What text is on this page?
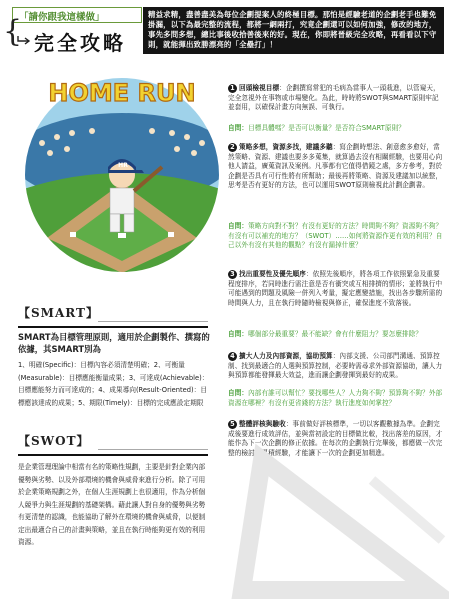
「請你跟我這樣做」
{ 完全攻略

精益求精，盡善盡美為每位企劃提案人的終極目標。那怕是經驗老道的企劃老手也難免掛漏，以下為最完整的流程，都將一網兩打，究竟企劃還可以如何加強，修改的地方，事先多問多想，總比事後收拾善後來的好。現在，你即將晉級完全攻略，再看看以下守則，就能揮出致勝漂亮的「全壘打」！

HOME RUN
HR

1 回頭檢視目標：企劃撰寫常犯的毛病為當事人一頭栽進，以管窺天，完全忽視外在事物或市場變化。為此，時時將SWOT與SMART原則牢記並套用，以確保計畫方向無誤、可執行。

自問：目標具體嗎？是否可以衡量？是否符合SMART原則？

2 策略多想，資源多找，建議多聽：寫企劃時想法、創意愈多愈好，當然策略、資源、建議也要多多蒐集，就算過去沒有相關經驗，也要用心向他人請益，廣蒐資訊及案例。凡事都有它值得借鏡之處，多方參考，對於企劃是否具有可行性將有所幫助；最後再將策略、資源及建議加以統整，思考是否有更好的方法，也可以運用SWOT原則檢視此計劃企劃書。

自問：策略方向對不對？有沒有更好的方法？時間夠不夠？資源夠不夠？有沒有可以補充的地方？（SWOT）……如何將資源作更有效的利用？自己以外有沒有其他的觀點？有沒有漏掉什麼？

3 找出重要性及優先順序：依照先後順序，將各項工作依照緊急及重要程度排序，若同時進行需注意是否有衝突或互相排擠的情形；並將執行中可能遇到的問題及風險一併列入考量，擬定應變措施，找出各步驟所需的時間與人力，且在執行時隨時檢視與修正，確保進度不致落後。

自問：哪個部分最重要？最不能缺？會有什麼阻力？要怎麼排除？

4 擴大人力及內部資源，協助預算：內部支援、公司部門溝通、預算控制、找到最適合的人選與預算控制，必要時需尋求外部資源協助，讓人力與預算都能發揮最大效益，進而讓企劃發揮到最好的成果。

自問：內部有誰可以幫忙？要找哪些人？人力夠不夠？預算夠不夠？外部資源在哪裡？有沒有更省錢的方法？執行進度如何掌控？

5 整體評核與驗收：事前做好評核標準，一切以客觀數據為準。企劃完成後要進行成效評估，並與當初設定的目標做比較，找出落差的原因，才能作為下一次企劃的修正依據。在每次的企劃執行完畢後，都應做一次完整的檢討，累積經驗，才能讓下一次的企劃更加精進。

【SMART】

SMART為目標管理原則，適用於企劃製作、撰寫的依據，其SMART別為

1、明確(Specific)：目標內容必須清楚明確；2、可衡量(Measurable)：目標應能衡量成果；3、可達成(Achievable)：目標應能努力而可達成的；4、成果導向(Result-Oriented)：目標應該達成的成果；5、期限(Timely)：目標的完成應設定期限

【SWOT】

是企業管理理論中相當有名的策略性規劃，主要是針對企業內部優勢與劣勢、以及外部環境的機會與威脅來進行分析。除了可用於企業策略規劃之外，在個人生涯規劃上也很適用，作為分析個人競爭力與生涯規劃的基礎架構。藉此讓人對自身的優勢與劣勢有更清楚的認識，也能協助了解外在環境的機會與威脅，以便制定出最適合自己的計畫與策略，並且在執行時能夠更有效的利用資源。
